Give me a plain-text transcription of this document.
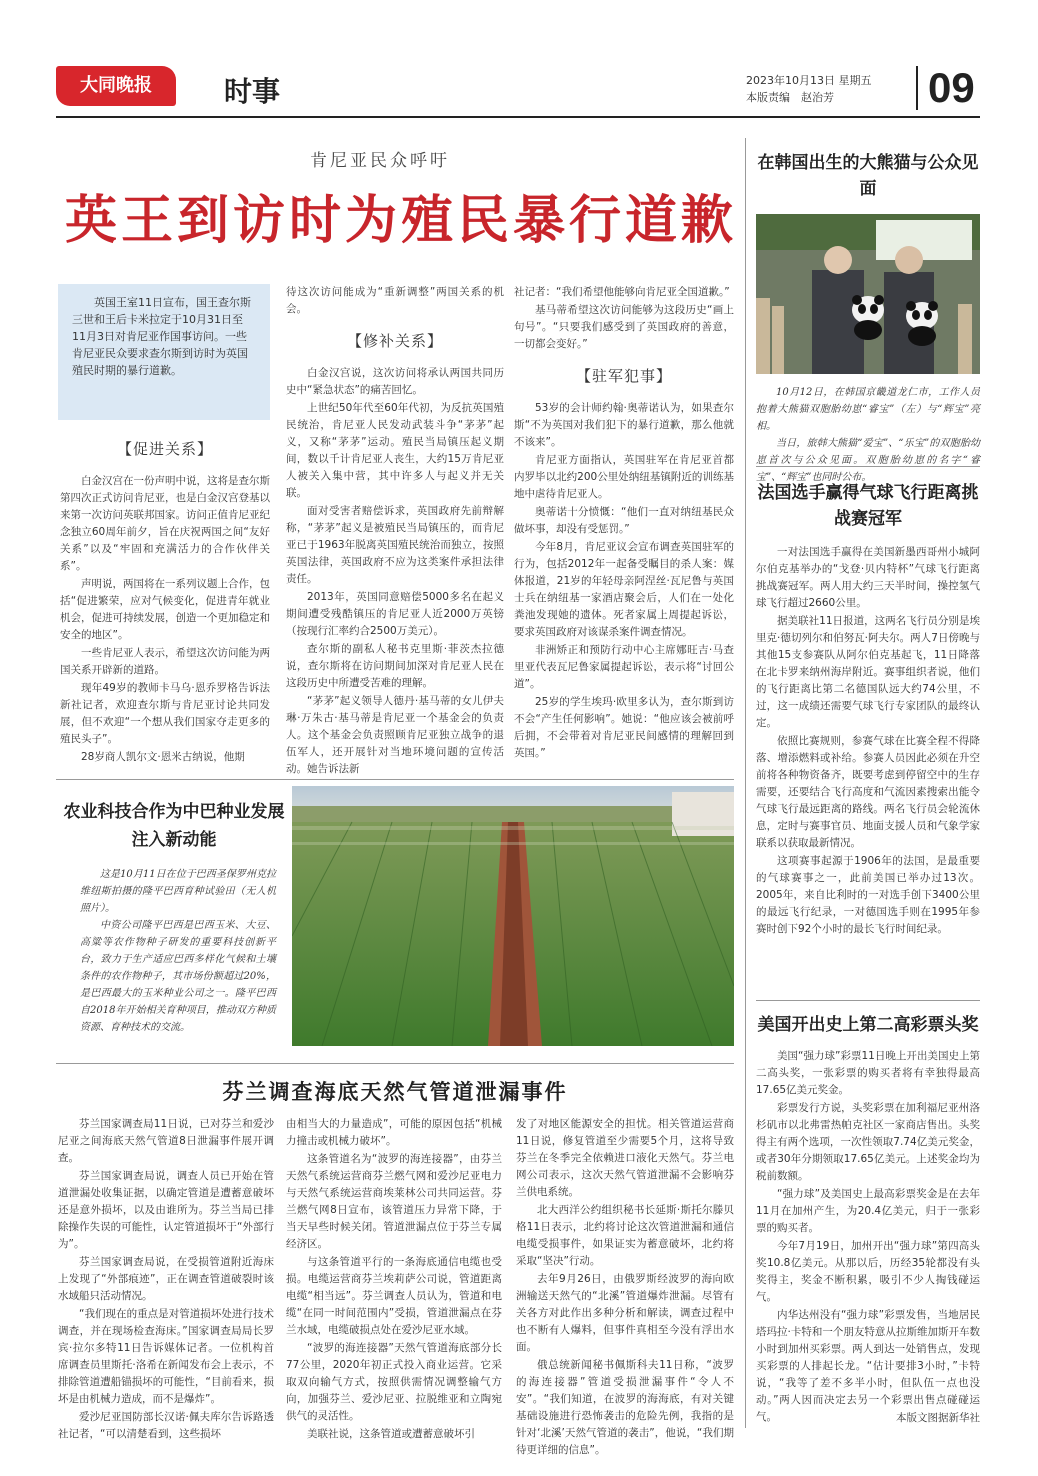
大同晚报	时事	2023年10月13日 星期五
本版责编　赵治芳	09
肯尼亚民众呼吁
英王到访时为殖民暴行道歉
英国王室11日宣布，国王查尔斯三世和王后卡米拉定于10月31日至11月3日对肯尼亚作国事访问。一些肯尼亚民众要求查尔斯到访时为英国殖民时期的暴行道歉。
【促进关系】

白金汉宫在一份声明中说，这将是查尔斯第四次正式访问肯尼亚，也是白金汉宫登基以来第一次访问英联邦国家。访问正值肯尼亚纪念独立60周年前夕，旨在庆祝两国之间“友好关系”以及“牢固和充满活力的合作伙伴关系”。

声明说，两国将在一系列议题上合作，包括“促进繁荣，应对气候变化，促进青年就业机会，促进可持续发展，创造一个更加稳定和安全的地区”。

一些肯尼亚人表示，希望这次访问能为两国关系开辟新的道路。

现年49岁的教师卡马乌·恩乔罗格告诉法新社记者，欢迎查尔斯与肯尼亚讨论共同发展，但不欢迎“一个想从我们国家夺走更多的殖民头子”。

28岁商人凯尔文·恩米古纳说，他期

待这次访问能成为“重新调整”两国关系的机会。

【修补关系】

白金汉宫说，这次访问将承认两国共同历史中“紧急状态”的痛苦回忆。

上世纪50年代至60年代初，为反抗英国殖民统治，肯尼亚人民发动武装斗争“茅茅”起义，又称“茅茅”运动。殖民当局镇压起义期间，数以千计肯尼亚人丧生，大约15万肯尼亚人被关入集中营，其中许多人与起义并无关联。

面对受害者赔偿诉求，英国政府先前辩解称，“茅茅”起义是被殖民当局镇压的，而肯尼亚已于1963年脱离英国殖民统治而独立，按照英国法律，英国政府不应为这类案件承担法律责任。

2013年，英国同意赔偿5000多名在起义期间遭受残酷镇压的肯尼亚人近2000万英镑（按现行汇率约合2500万美元）。

查尔斯的副私人秘书克里斯·菲茨杰拉德说，查尔斯将在访问期间加深对肯尼亚人民在这段历史中所遭受苦难的理解。

“茅茅”起义领导人德丹·基马蒂的女儿伊夫琳·万朱古·基马蒂是肯尼亚一个基金会的负责人。这个基金会负责照顾肯尼亚独立战争的退伍军人，还开展针对当地环境问题的宣传活动。她告诉法新

社记者：“我们希望他能够向肯尼亚全国道歉。”

基马蒂希望这次访问能够为这段历史“画上句号”。“只要我们感受到了英国政府的善意，一切都会变好。”

【驻军犯事】

53岁的会计师约翰·奥蒂诺认为，如果查尔斯“不为英国对我们犯下的暴行道歉，那么他就不该来”。

肯尼亚方面指认，英国驻军在肯尼亚首都内罗毕以北约200公里处纳纽基镇附近的训练基地中虐待肯尼亚人。

奥蒂诺十分愤慨：“他们一直对纳纽基民众做坏事，却没有受惩罚。”

今年8月，肯尼亚议会宣布调查英国驻军的行为，包括2012年一起备受瞩目的杀人案：媒体报道，21岁的年轻母亲阿涅丝·瓦尼鲁与英国士兵在纳纽基一家酒店聚会后，人们在一处化粪池发现她的遗体。死者家属上周提起诉讼，要求英国政府对该谋杀案件调查情况。

非洲矫正和预防行动中心主席娜旺吉·马查里亚代表瓦尼鲁家属提起诉讼，表示将“讨回公道”。

25岁的学生埃玛·欧里多认为，查尔斯到访不会“产生任何影响”。她说：“他应该会被前呼后拥，不会带着对肯尼亚民间感情的理解回到英国。”

农业科技合作为中巴种业发展注入新动能

这是10月11日在位于巴西圣保罗州克拉维纽斯拍摄的隆平巴西育种试验田（无人机照片）。

中资公司隆平巴西是巴西玉米、大豆、高粱等农作物种子研发的重要科技创新平台，致力于生产适应巴西多样化气候和土壤条件的农作物种子，其市场份额超过20%，是巴西最大的玉米种业公司之一。隆平巴西自2018年开始相关育种项目，推动双方种质资源、育种技术的交流。

芬兰调查海底天然气管道泄漏事件

芬兰国家调查局11日说，已对芬兰和爱沙尼亚之间海底天然气管道8日泄漏事件展开调查。

芬兰国家调查局说，调查人员已开始在管道泄漏处收集证据，以确定管道是遭蓄意破坏还是意外损坏，以及由谁所为。芬兰当局已排除操作失误的可能性，认定管道损坏于“外部行为”。

芬兰国家调查局说，在受损管道附近海床上发现了“外部痕迹”，正在调查管道破裂时该水域船只活动情况。

“我们现在的重点是对管道损坏处进行技术调查，并在现场检查海床。”国家调查局局长罗宾·拉尔多特11日告诉媒体记者。一位机构首席调查员里斯托·洛希在新闻发布会上表示，不排除管道遭船锚损坏的可能性，“目前看来，损坏是由机械力造成，而不是爆炸”。

爱沙尼亚国防部长汉诺·佩夫库尔告诉路透社记者，“可以清楚看到，这些损坏

由相当大的力量造成”，可能的原因包括“机械力撞击或机械力破坏”。

这条管道名为“波罗的海连接器”，由芬兰天然气系统运营商芬兰燃气网和爱沙尼亚电力与天然气系统运营商埃莱林公司共同运营。芬兰燃气网8日宣布，该管道压力异常下降，于当天早些时候关闭。管道泄漏点位于芬兰专属经济区。

与这条管道平行的一条海底通信电缆也受损。电缆运营商芬兰埃莉萨公司说，管道距离电缆“相当远”。芬兰调查人员认为，管道和电缆“在同一时间范围内”受损，管道泄漏点在芬兰水域，电缆破损点处在爱沙尼亚水域。

“波罗的海连接器”天然气管道海底部分长77公里，2020年初正式投入商业运营。它采取双向输气方式，按照供需情况调整输气方向，加强芬兰、爱沙尼亚、拉脱维亚和立陶宛供气的灵活性。

美联社说，这条管道或遭蓄意破坏引

发了对地区能源安全的担忧。相关管道运营商11日说，修复管道至少需要5个月，这将导致芬兰在冬季完全依赖进口液化天然气。芬兰电网公司表示，这次天然气管道泄漏不会影响芬兰供电系统。

北大西洋公约组织秘书长延斯·斯托尔滕贝格11日表示，北约将讨论这次管道泄漏和通信电缆受损事件，如果证实为蓄意破坏，北约将采取“坚决”行动。

去年9月26日，由俄罗斯经波罗的海向欧洲输送天然气的“北溪”管道爆炸泄漏。尽管有关各方对此作出多种分析和解读，调查过程中也不断有人爆料，但事件真相至今没有浮出水面。

俄总统新闻秘书佩斯科夫11日称，“波罗的海连接器”管道受损泄漏事件“令人不安”。“我们知道，在波罗的海海底，有对关键基础设施进行恐怖袭击的危险先例，我指的是针对‘北溪’天然气管道的袭击”，他说，“我们期待更详细的信息”。

在韩国出生的大熊猫与公众见面

10月12日，在韩国京畿道龙仁市，工作人员抱着大熊猫双胞胎幼崽“睿宝”（左）与“辉宝”亮相。

当日，旅韩大熊猫“爱宝”、“乐宝”的双胞胎幼崽首次与公众见面。双胞胎幼崽的名字“睿宝”、“辉宝”也同时公布。

法国选手赢得气球飞行距离挑战赛冠军

一对法国选手赢得在美国新墨西哥州小城阿尔伯克基举办的“戈登·贝内特杯”气球飞行距离挑战赛冠军。两人用大约三天半时间，操控氢气球飞行超过2660公里。

据美联社11日报道，这两名飞行员分别是埃里克·德切列尔和伯努瓦·阿夫尔。两人7日傍晚与其他15支参赛队从阿尔伯克基起飞，11日降落在北卡罗来纳州海岸附近。赛事组织者说，他们的飞行距离比第二名德国队远大约74公里，不过，这一成绩还需要气球飞行专家团队的最终认定。

依照比赛规则，参赛气球在比赛全程不得降落、增添燃料或补给。参赛人员因此必须在升空前将各种物资备齐，既要考虑到停留空中的生存需要，还要结合飞行高度和气流因素搜索出能令气球飞行最远距离的路线。两名飞行员会轮流休息，定时与赛事官员、地面支援人员和气象学家联系以获取最新情况。

这项赛事起源于1906年的法国，是最重要的气球赛事之一，此前美国已举办过13次。2005年，来自比利时的一对选手创下3400公里的最远飞行纪录，一对德国选手则在1995年参赛时创下92个小时的最长飞行时间纪录。

美国开出史上第二高彩票头奖

美国“强力球”彩票11日晚上开出美国史上第二高头奖，一张彩票的购买者将有幸独得最高17.65亿美元奖金。

彩票发行方说，头奖彩票在加利福尼亚州洛杉矶市以北弗雷热帕克社区一家商店售出。头奖得主有两个选项，一次性领取7.74亿美元奖金，或者30年分期领取17.65亿美元。上述奖金均为税前数额。

“强力球”及美国史上最高彩票奖金是在去年11月在加州产生，为20.4亿美元，归于一张彩票的购买者。

今年7月19日，加州开出“强力球”第四高头奖10.8亿美元。从那以后，历经35轮都没有头奖得主，奖金不断积累，吸引不少人掏钱碰运气。

内华达州没有“强力球”彩票发售，当地居民塔玛拉·卡特和一个朋友特意从拉斯维加斯开车数小时到加州买彩票。两人到达一处销售点，发现买彩票的人排起长龙。“估计要排3小时，”卡特说，“我等了差不多半小时，但队伍一点也没动。”两人因而决定去另一个彩票出售点碰碰运气。	本版文图据新华社
